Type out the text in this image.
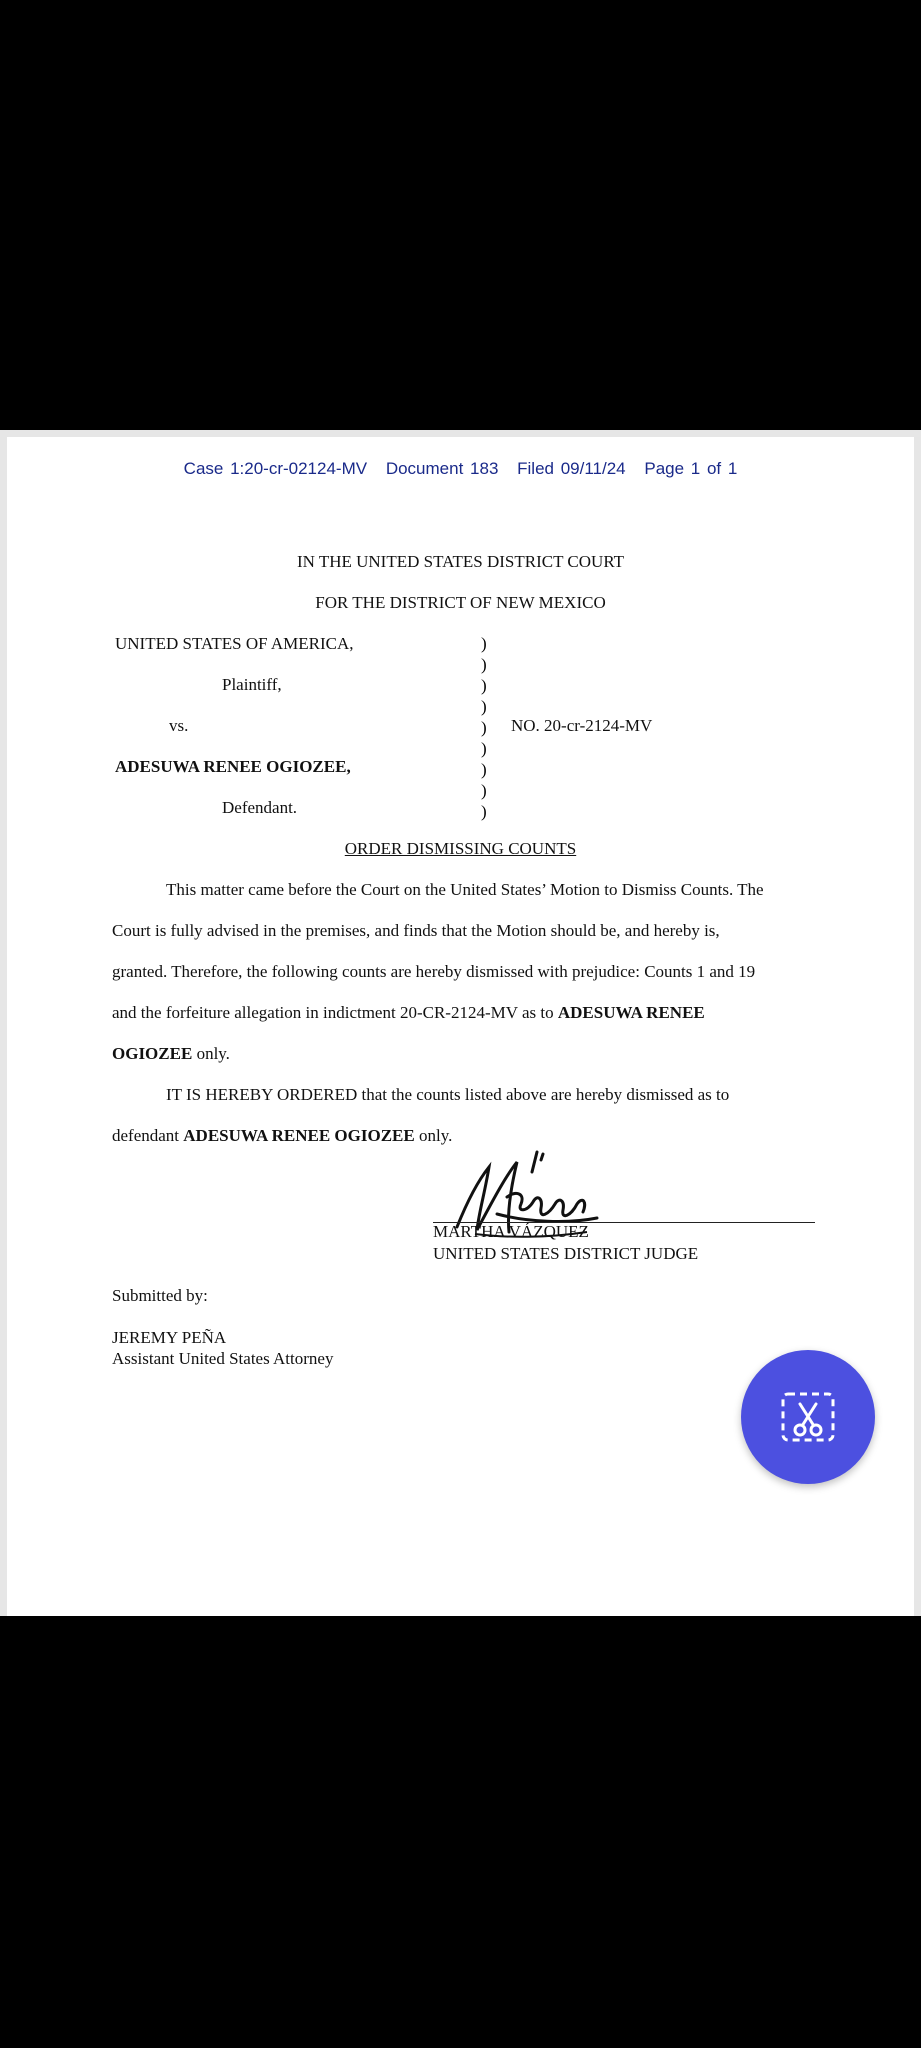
Case 1:20-cr-02124-MV Document 183 Filed 09/11/24 Page 1 of 1
IN THE UNITED STATES DISTRICT COURT
FOR THE DISTRICT OF NEW MEXICO
UNITED STATES OF AMERICA,
Plaintiff,
vs.	NO. 20-cr-2124-MV
ADESUWA RENEE OGIOZEE,
Defendant.
)
)
)
)
)
)
)
)
)
ORDER DISMISSING COUNTS
This matter came before the Court on the United States’ Motion to Dismiss Counts. The
Court is fully advised in the premises, and finds that the Motion should be, and hereby is,
granted. Therefore, the following counts are hereby dismissed with prejudice: Counts 1 and 19
and the forfeiture allegation in indictment 20-CR-2124-MV as to ADESUWA RENEE
OGIOZEE only.
IT IS HEREBY ORDERED that the counts listed above are hereby dismissed as to
defendant ADESUWA RENEE OGIOZEE only.
MARTHA VÁZQUEZ
UNITED STATES DISTRICT JUDGE
Submitted by:
JEREMY PEÑA
Assistant United States Attorney
